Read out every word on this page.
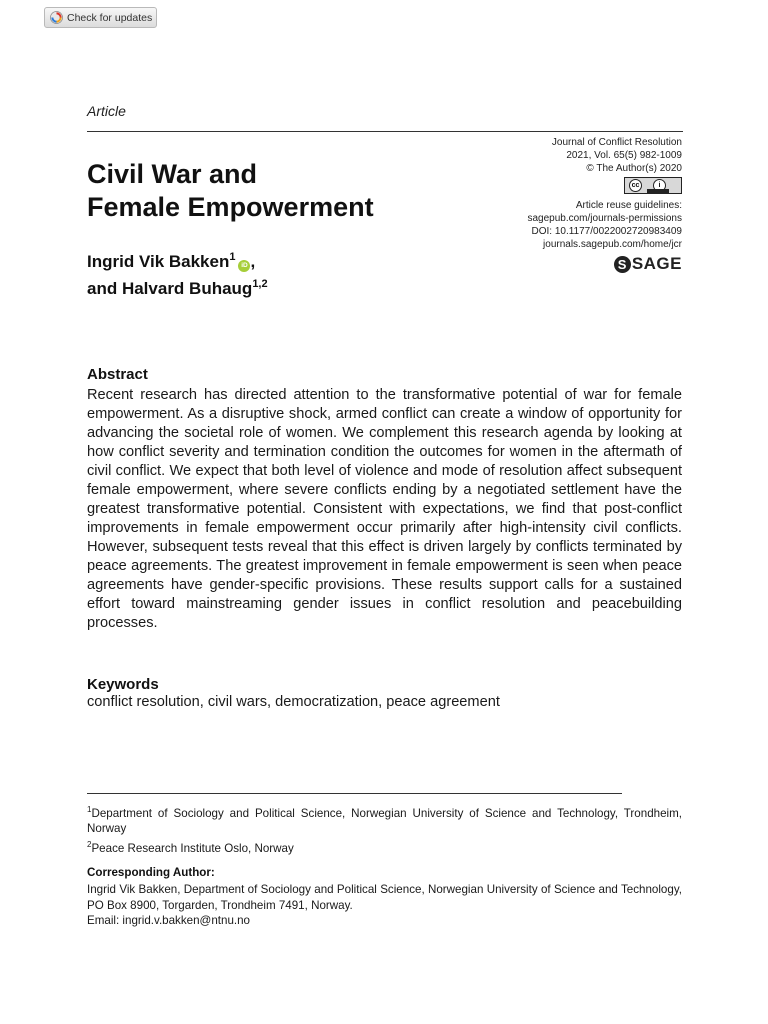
Check for updates
Article
Journal of Conflict Resolution
2021, Vol. 65(5) 982-1009
© The Author(s) 2020
cc	i
Article reuse guidelines:
sagepub.com/journals-permissions
DOI: 10.1177/0022002720983409
journals.sagepub.com/home/jcr
S SAGE
Civil War and
Female Empowerment
Ingrid Vik Bakken$^1$iD ,
and Halvard Buhaug$^{1,2}$
Abstract
Recent research has directed attention to the transformative potential of war for female empowerment. As a disruptive shock, armed conflict can create a window of opportunity for advancing the societal role of women. We complement this research agenda by looking at how conflict severity and termination condition the outcomes for women in the aftermath of civil conflict. We expect that both level of violence and mode of resolution affect subsequent female empowerment, where severe conflicts ending by a negotiated settlement have the greatest transformative potential. Consistent with expectations, we find that post-conflict improvements in female empowerment occur primarily after high-intensity civil conflicts. However, subsequent tests reveal that this effect is driven largely by conflicts terminated by peace agreements. The greatest improvement in female empowerment is seen when peace agreements have gender-specific provisions. These results support calls for a sustained effort toward mainstreaming gender issues in conflict resolution and peacebuilding processes.
Keywords
conflict resolution, civil wars, democratization, peace agreement
$^1$Department of Sociology and Political Science, Norwegian University of Science and Technology, Trondheim, Norway
$^2$Peace Research Institute Oslo, Norway
Corresponding Author:
Ingrid Vik Bakken, Department of Sociology and Political Science, Norwegian University of Science and Technology, PO Box 8900, Torgarden, Trondheim 7491, Norway.
Email: ingrid.v.bakken@ntnu.no
